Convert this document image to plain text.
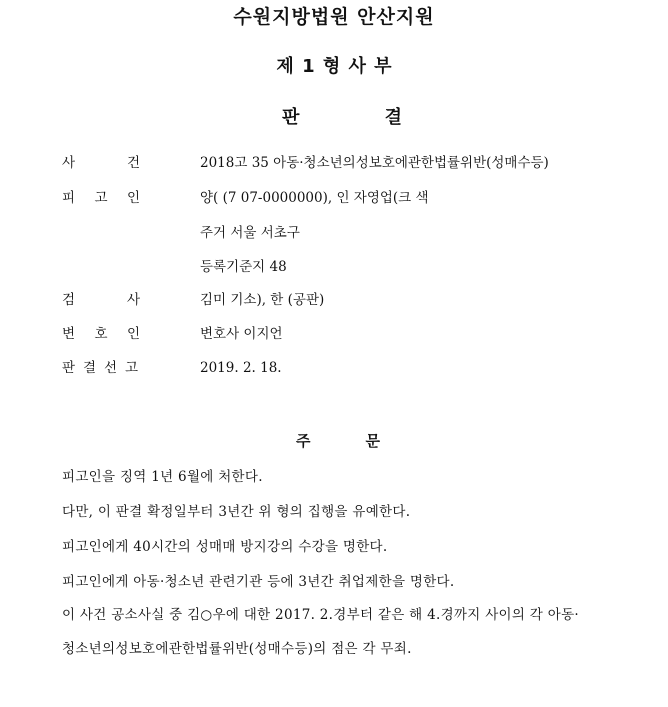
수원지방법원 안산지원
제 1 형 사 부
판	결
사	건	2018고 35 아동·청소년의성보호에관한법률위반(성매수등)
피 고 인	양( (7 07-0000000), 인 자영업(크 색
주거 서울 서초구
등록기준지 48
검	사	김미 기소), 한 (공판)
변 호 인	변호사 이지언
판 결 선 고	2019. 2. 18.
주	문
피고인을 징역 1년 6월에 처한다.
다만, 이 판결 확정일부터 3년간 위 형의 집행을 유예한다.
피고인에게 40시간의 성매매 방지강의 수강을 명한다.
피고인에게 아동·청소년 관련기관 등에 3년간 취업제한을 명한다.
이 사건 공소사실 중 김○우에 대한 2017. 2.경부터 같은 해 4.경까지 사이의 각 아동·
청소년의성보호에관한법률위반(성매수등)의 점은 각 무죄.
